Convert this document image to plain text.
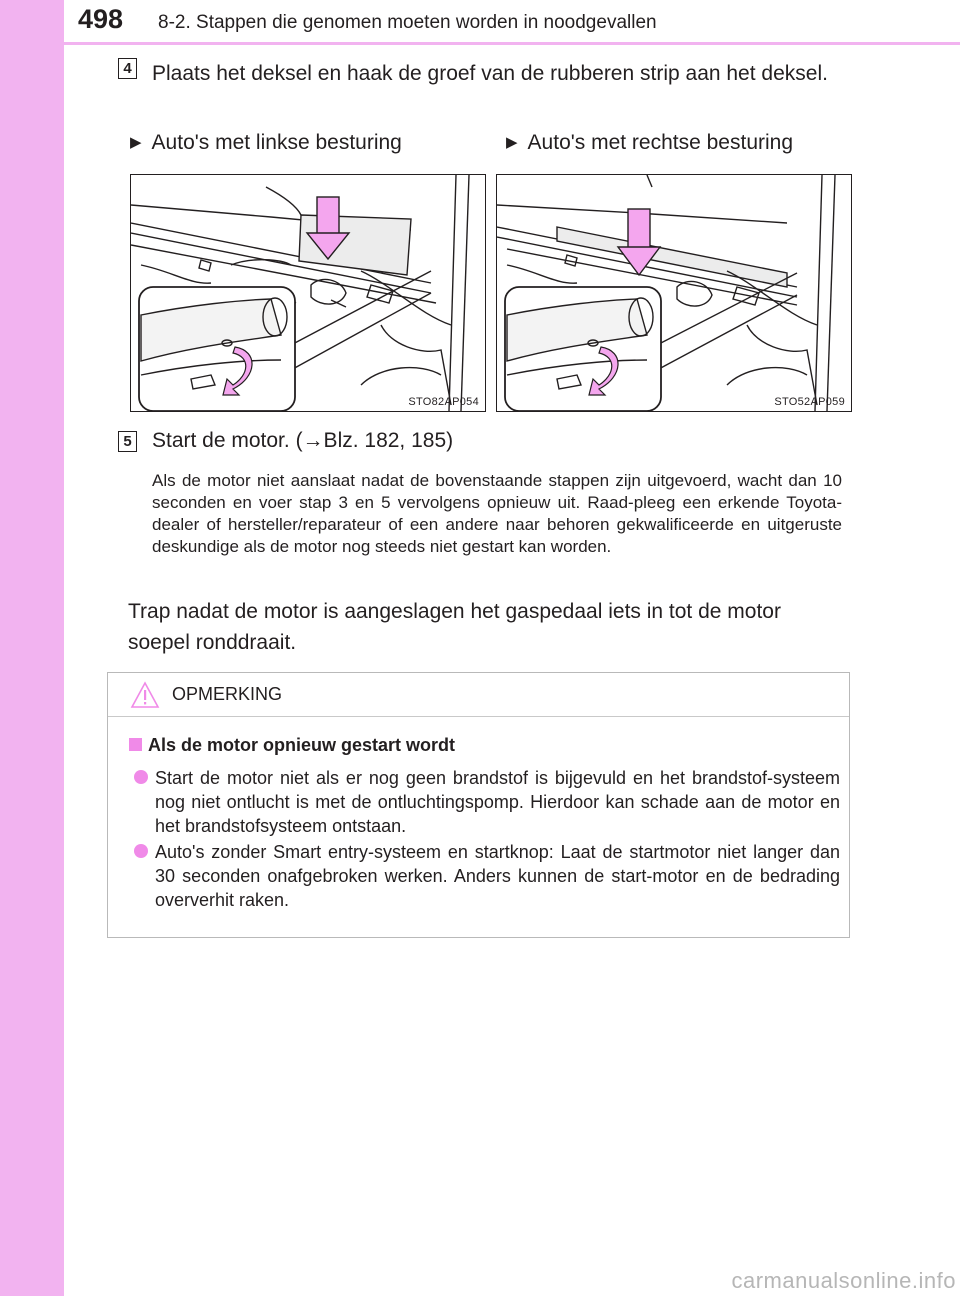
498 8-2. Stappen die genomen moeten worden in noodgevallen
4 Plaats het deksel en haak de groef van de rubberen strip aan het deksel.
▶ Auto's met linkse besturing	▶ Auto's met rechtse besturing
STO82AP054	STO52AP059
5 Start de motor. (→Blz. 182, 185)
Als de motor niet aanslaat nadat de bovenstaande stappen zijn uitgevoerd, wacht dan 10 seconden en voer stap 3 en 5 vervolgens opnieuw uit. Raad-pleeg een erkende Toyota-dealer of hersteller/reparateur of een andere naar behoren gekwalificeerde en uitgeruste deskundige als de motor nog steeds niet gestart kan worden.
Trap nadat de motor is aangeslagen het gaspedaal iets in tot de motor soepel ronddraait.
OPMERKING
Als de motor opnieuw gestart wordt
Start de motor niet als er nog geen brandstof is bijgevuld en het brandstof-systeem nog niet ontlucht is met de ontluchtingspomp. Hierdoor kan schade aan de motor en het brandstofsysteem ontstaan.
Auto's zonder Smart entry-systeem en startknop: Laat de startmotor niet langer dan 30 seconden onafgebroken werken. Anders kunnen de start-motor en de bedrading oververhit raken.
carmanualsonline.info
